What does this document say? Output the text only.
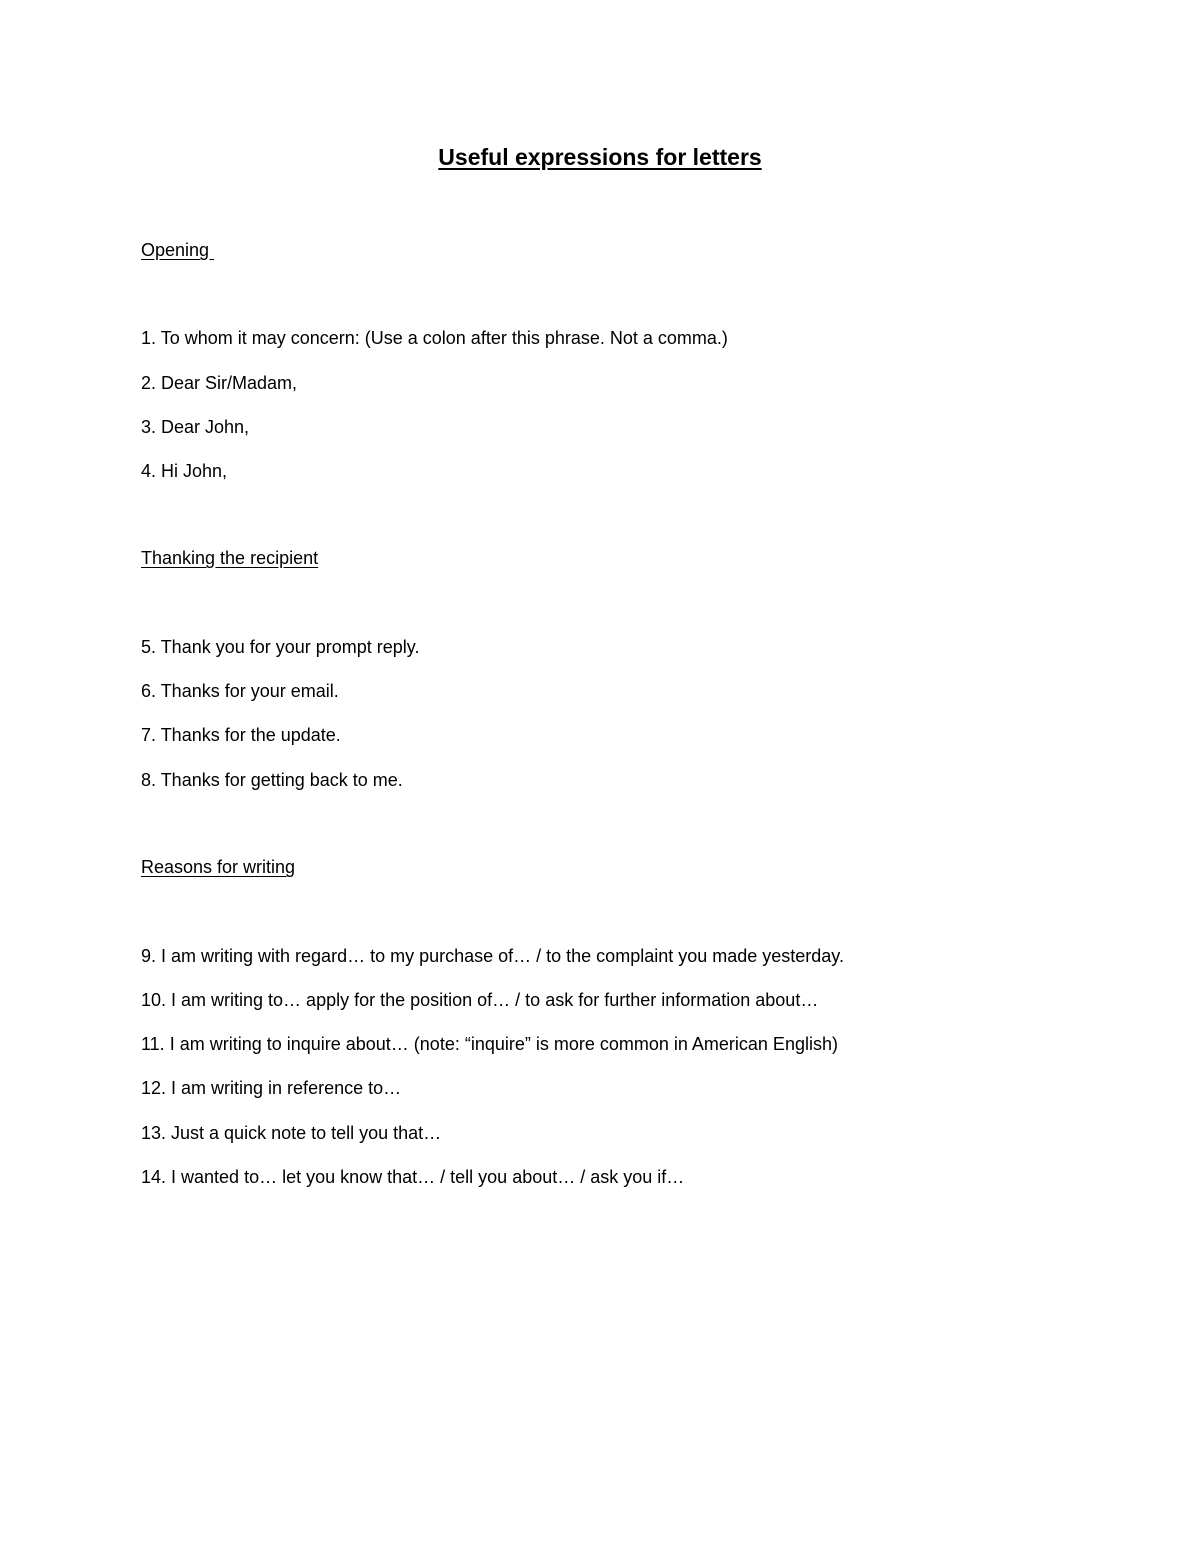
Useful expressions for letters
Opening
1. To whom it may concern: (Use a colon after this phrase. Not a comma.)
2. Dear Sir/Madam,
3. Dear John,
4. Hi John,
Thanking the recipient
5. Thank you for your prompt reply.
6. Thanks for your email.
7. Thanks for the update.
8. Thanks for getting back to me.
Reasons for writing
9. I am writing with regard… to my purchase of… / to the complaint you made yesterday.
10. I am writing to… apply for the position of… / to ask for further information about…
11. I am writing to inquire about… (note: “inquire” is more common in American English)
12. I am writing in reference to…
13. Just a quick note to tell you that…
14. I wanted to… let you know that… / tell you about… / ask you if…
